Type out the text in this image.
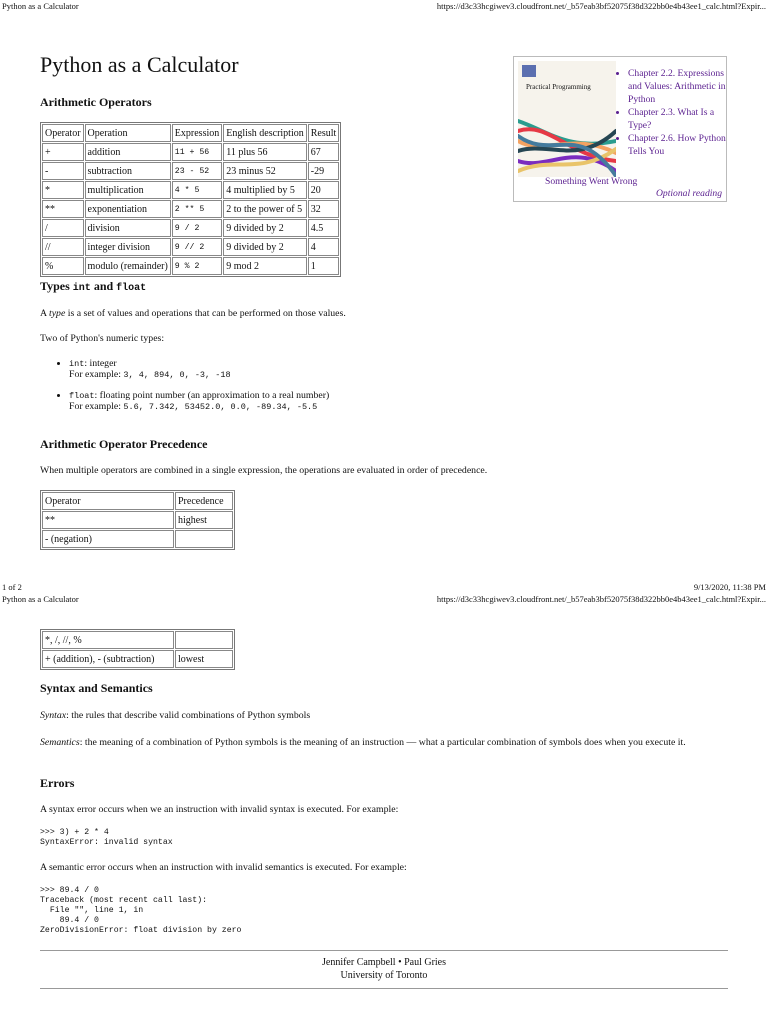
Python as a Calculator	https://d3c33hcgiwev3.cloudfront.net/_b57eab3bf52075f38d322bb0e4b43ee1_calc.html?Expir...
Python as a Calculator
Practical Programming
• Chapter 2.2. Expressions and Values: Arithmetic in Python
• Chapter 2.3. What Is a Type?
• Chapter 2.6. How Python Tells You
Something Went Wrong
Optional reading
Arithmetic Operators
Operator	Operation	Expression	English description	Result
+	addition	11 + 56	11 plus 56	67
-	subtraction	23 - 52	23 minus 52	-29
*	multiplication	4 * 5	4 multiplied by 5	20
**	exponentiation	2 ** 5	2 to the power of 5	32
/	division	9 / 2	9 divided by 2	4.5
//	integer division	9 // 2	9 divided by 2	4
%	modulo (remainder)	9 % 2	9 mod 2	1
Types int and float

A type is a set of values and operations that can be performed on those values.

Two of Python's numeric types:

• int: integer
For example: 3, 4, 894, 0, -3, -18
• float: floating point number (an approximation to a real number)
For example: 5.6, 7.342, 53452.0, 0.0, -89.34, -5.5
Arithmetic Operator Precedence

When multiple operators are combined in a single expression, the operations are evaluated in order of precedence.

Operator	Precedence
**	highest
- (negation)	
1 of 2	9/13/2020, 11:38 PM
Python as a Calculator	https://d3c33hcgiwev3.cloudfront.net/_b57eab3bf52075f38d322bb0e4b43ee1_calc.html?Expir...
*, /, //, %	
+ (addition), - (subtraction)	lowest
Syntax and Semantics

Syntax: the rules that describe valid combinations of Python symbols

Semantics: the meaning of a combination of Python symbols is the meaning of an instruction — what a particular combination of symbols does when you execute it.

Errors

A syntax error occurs when we an instruction with invalid syntax is executed. For example:

>>> 3) + 2 * 4
SyntaxError: invalid syntax

A semantic error occurs when an instruction with invalid semantics is executed. For example:

>>> 89.4 / 0
Traceback (most recent call last):
File "", line 1, in
89.4 / 0
ZeroDivisionError: float division by zero
Jennifer Campbell • Paul Gries
University of Toronto
